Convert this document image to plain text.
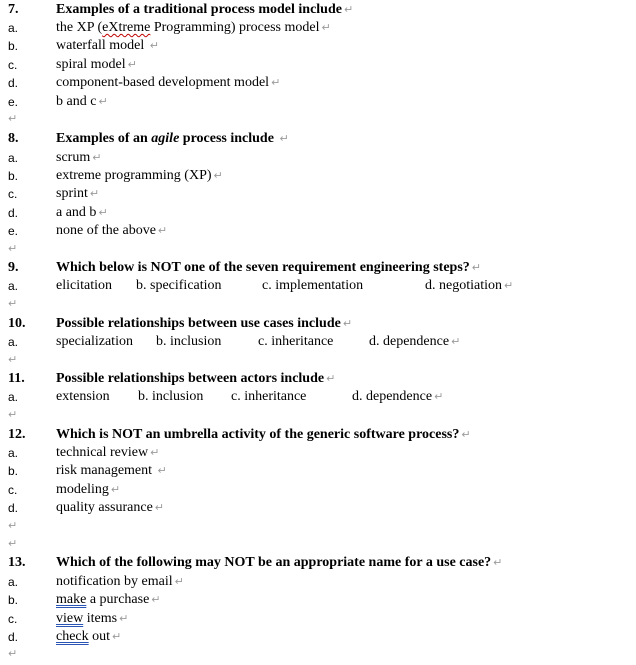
7.	Examples of a traditional process model include ↵
a.	the XP (eXtreme Programming) process model ↵
b.	waterfall model ↵
c.	spiral model ↵
d.	component-based development model ↵
e.	b and c ↵
↵
8.	Examples of an agile process include ↵
a.	scrum ↵
b.	extreme programming (XP) ↵
c.	sprint ↵
d.	a and b ↵
e.	none of the above ↵
↵
9.	Which below is NOT one of the seven requirement engineering steps? ↵
a.	elicitation b. specification	c. implementation	d. negotiation ↵
↵
10. Possible relationships between use cases include ↵
a.	specialization b. inclusion	c. inheritance	d. dependence ↵
↵
11. Possible relationships between actors include ↵
a.	extension b. inclusion c. inheritance	d. dependence ↵
↵
12. Which is NOT an umbrella activity of the generic software process? ↵
a.	technical review ↵
b.	risk management ↵
c.	modeling ↵
d.	quality assurance ↵
↵
↵
13. Which of the following may NOT be an appropriate name for a use case? ↵
a.	notification by email ↵
b.	make a purchase ↵
c.	view items ↵
d.	check out ↵
↵
